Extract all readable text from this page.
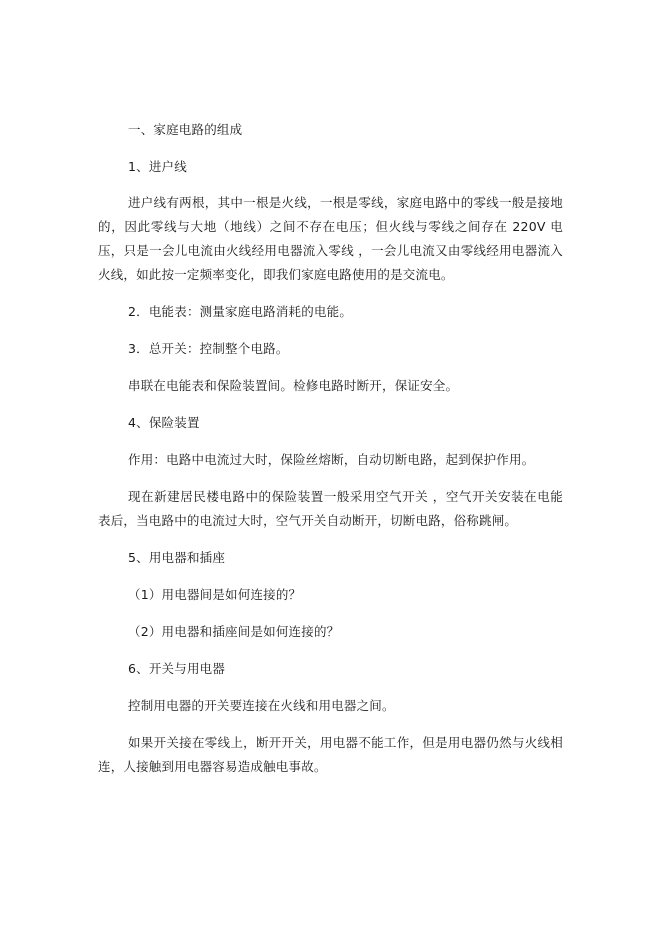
一、家庭电路的组成

1、进户线

进户线有两根，其中一根是火线，一根是零线，家庭电路中的零线一般是接地的，因此零线与大地（地线）之间不存在电压；但火线与零线之间存在 220V 电压，只是一会儿电流由火线经用电器流入零线 ，一会儿电流又由零线经用电器流入火线，如此按一定频率变化，即我们家庭电路使用的是交流电。

2．电能表：测量家庭电路消耗的电能。

3．总开关：控制整个电路。

串联在电能表和保险装置间。检修电路时断开，保证安全。

4、保险装置

作用：电路中电流过大时，保险丝熔断，自动切断电路，起到保护作用。

现在新建居民楼电路中的保险装置一般采用空气开关 ，空气开关安装在电能表后，当电路中的电流过大时，空气开关自动断开，切断电路，俗称跳闸。

5、用电器和插座

（1）用电器间是如何连接的？

（2）用电器和插座间是如何连接的？

6、开关与用电器

控制用电器的开关要连接在火线和用电器之间。

如果开关接在零线上，断开开关，用电器不能工作，但是用电器仍然与火线相连，人接触到用电器容易造成触电事故。
